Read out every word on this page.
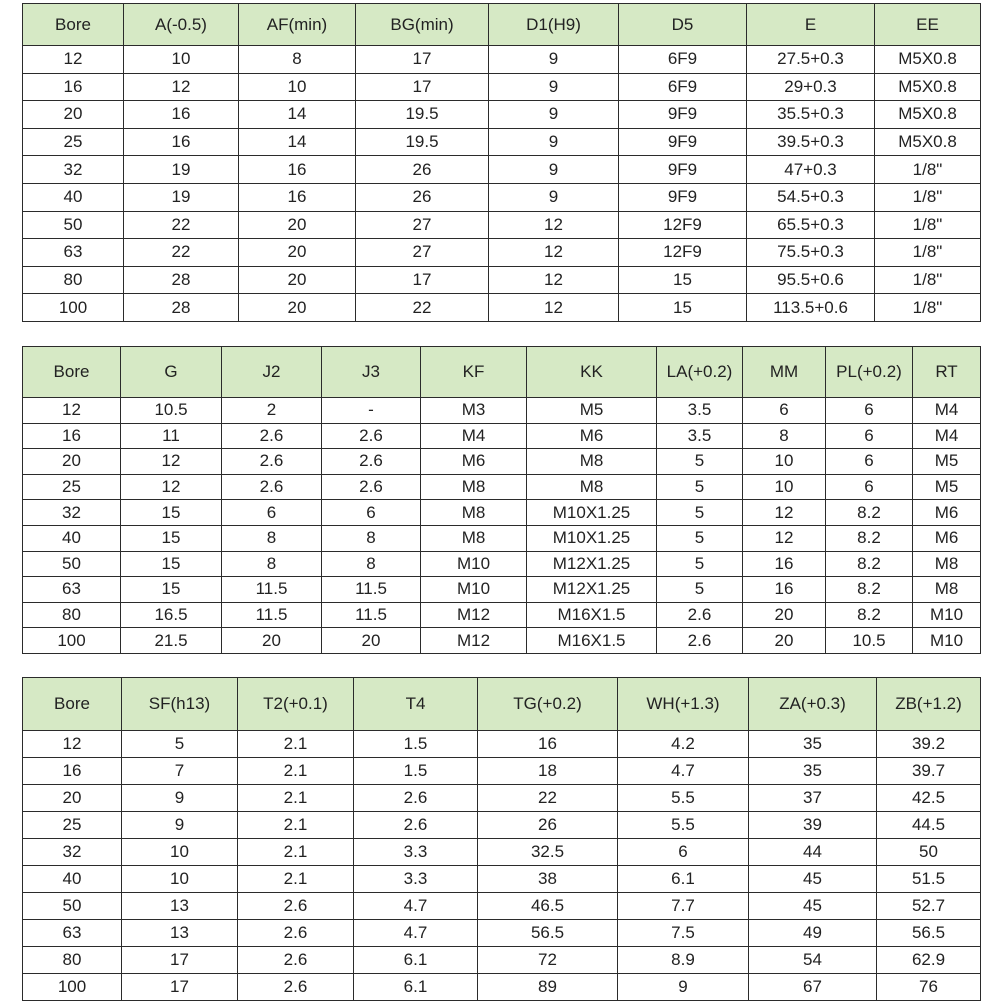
Bore	A(-0.5)	AF(min)	BG(min)	D1(H9)	D5	E	EE
12	10	8	17	9	6F9	27.5+0.3	M5X0.8
16	12	10	17	9	6F9	29+0.3	M5X0.8
20	16	14	19.5	9	9F9	35.5+0.3	M5X0.8
25	16	14	19.5	9	9F9	39.5+0.3	M5X0.8
32	19	16	26	9	9F9	47+0.3	1/8"
40	19	16	26	9	9F9	54.5+0.3	1/8"
50	22	20	27	12	12F9	65.5+0.3	1/8"
63	22	20	27	12	12F9	75.5+0.3	1/8"
80	28	20	17	12	15	95.5+0.6	1/8"
100	28	20	22	12	15	113.5+0.6	1/8"
Bore	G	J2	J3	KF	KK	LA(+0.2)	MM	PL(+0.2)	RT
12	10.5	2	-	M3	M5	3.5	6	6	M4
16	11	2.6	2.6	M4	M6	3.5	8	6	M4
20	12	2.6	2.6	M6	M8	5	10	6	M5
25	12	2.6	2.6	M8	M8	5	10	6	M5
32	15	6	6	M8	M10X1.25	5	12	8.2	M6
40	15	8	8	M8	M10X1.25	5	12	8.2	M6
50	15	8	8	M10	M12X1.25	5	16	8.2	M8
63	15	11.5	11.5	M10	M12X1.25	5	16	8.2	M8
80	16.5	11.5	11.5	M12	M16X1.5	2.6	20	8.2	M10
100	21.5	20	20	M12	M16X1.5	2.6	20	10.5	M10
Bore	SF(h13)	T2(+0.1)	T4	TG(+0.2)	WH(+1.3)	ZA(+0.3)	ZB(+1.2)
12	5	2.1	1.5	16	4.2	35	39.2
16	7	2.1	1.5	18	4.7	35	39.7
20	9	2.1	2.6	22	5.5	37	42.5
25	9	2.1	2.6	26	5.5	39	44.5
32	10	2.1	3.3	32.5	6	44	50
40	10	2.1	3.3	38	6.1	45	51.5
50	13	2.6	4.7	46.5	7.7	45	52.7
63	13	2.6	4.7	56.5	7.5	49	56.5
80	17	2.6	6.1	72	8.9	54	62.9
100	17	2.6	6.1	89	9	67	76
